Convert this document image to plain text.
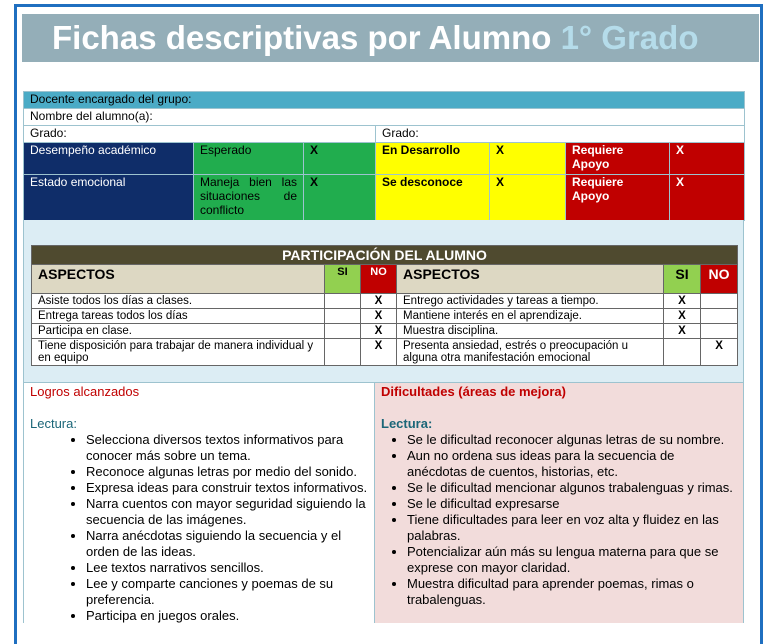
Fichas descriptivas por Alumno 1° Grado
Docente encargado del grupo:						
Nombre del alumno(a):						
Grado:			Grado:			
Desempeño académico	Esperado	X	En Desarrollo	X	Requiere Apoyo	X
Estado emocional	Maneja bien las situaciones de conflicto	X	Se desconoce	X	Requiere Apoyo	X
PARTICIPACIÓN DEL ALUMNO					
ASPECTOS	SI	NO	ASPECTOS	SI	NO
Asiste todos los días a clases.		X	Entrego actividades y tareas a tiempo.	X	
Entrega tareas todos los días		X	Mantiene interés en el aprendizaje.	X	
Participa en clase.		X	Muestra disciplina.	X	
Tiene disposición para trabajar de manera individual y en equipo		X	Presenta ansiedad, estrés o preocupación u alguna otra manifestación emocional		X
Logros alcanzados
Lectura:
• Selecciona diversos textos informativos para conocer más sobre un tema.
• Reconoce algunas letras por medio del sonido.
• Expresa ideas para construir textos informativos.
• Narra cuentos con mayor seguridad siguiendo la secuencia de las imágenes.
• Narra anécdotas siguiendo la secuencia y el orden de las ideas.
• Lee textos narrativos sencillos.
• Lee y comparte canciones y poemas de su preferencia.
• Participa en juegos orales.
Dificultades (áreas de mejora)
Lectura:
• Se le dificultad reconocer algunas letras de su nombre.
• Aun no ordena sus ideas para la secuencia de anécdotas de cuentos, historias, etc.
• Se le dificultad mencionar algunos trabalenguas y rimas.
• Se le dificultad expresarse
• Tiene dificultades para leer en voz alta y fluidez en las palabras.
• Potencializar aún más su lengua materna para que se exprese con mayor claridad.
• Muestra dificultad para aprender poemas, rimas o trabalenguas.
